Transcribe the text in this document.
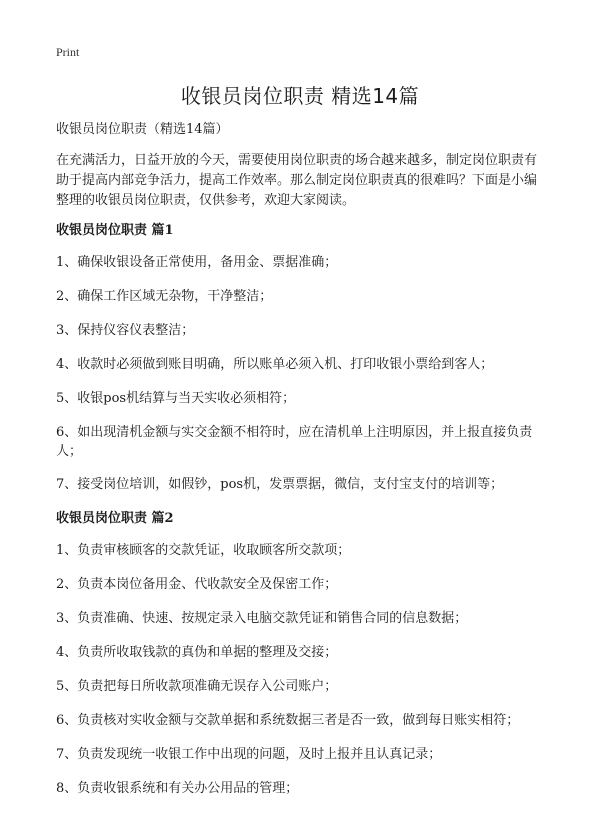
Print
收银员岗位职责 精选14篇

收银员岗位职责（精选14篇）

在充满活力，日益开放的今天，需要使用岗位职责的场合越来越多，制定岗位职责有助于提高内部竞争活力，提高工作效率。那么制定岗位职责真的很难吗？下面是小编整理的收银员岗位职责，仅供参考，欢迎大家阅读。

收银员岗位职责 篇1

1、确保收银设备正常使用，备用金、票据准确；

2、确保工作区域无杂物，干净整洁；

3、保持仪容仪表整洁；

4、收款时必须做到账目明确，所以账单必须入机、打印收银小票给到客人；

5、收银pos机结算与当天实收必须相符；

6、如出现清机金额与实交金额不相符时，应在清机单上注明原因，并上报直接负责人；

7、接受岗位培训，如假钞，pos机，发票票据，微信，支付宝支付的培训等；

收银员岗位职责 篇2

1、负责审核顾客的交款凭证，收取顾客所交款项；

2、负责本岗位备用金、代收款安全及保密工作；

3、负责准确、快速、按规定录入电脑交款凭证和销售合同的信息数据；

4、负责所收取钱款的真伪和单据的整理及交接；

5、负责把每日所收款项准确无误存入公司账户；

6、负责核对实收金额与交款单据和系统数据三者是否一致，做到每日账实相符；

7、负责发现统一收银工作中出现的问题，及时上报并且认真记录；

8、负责收银系统和有关办公用品的管理；
